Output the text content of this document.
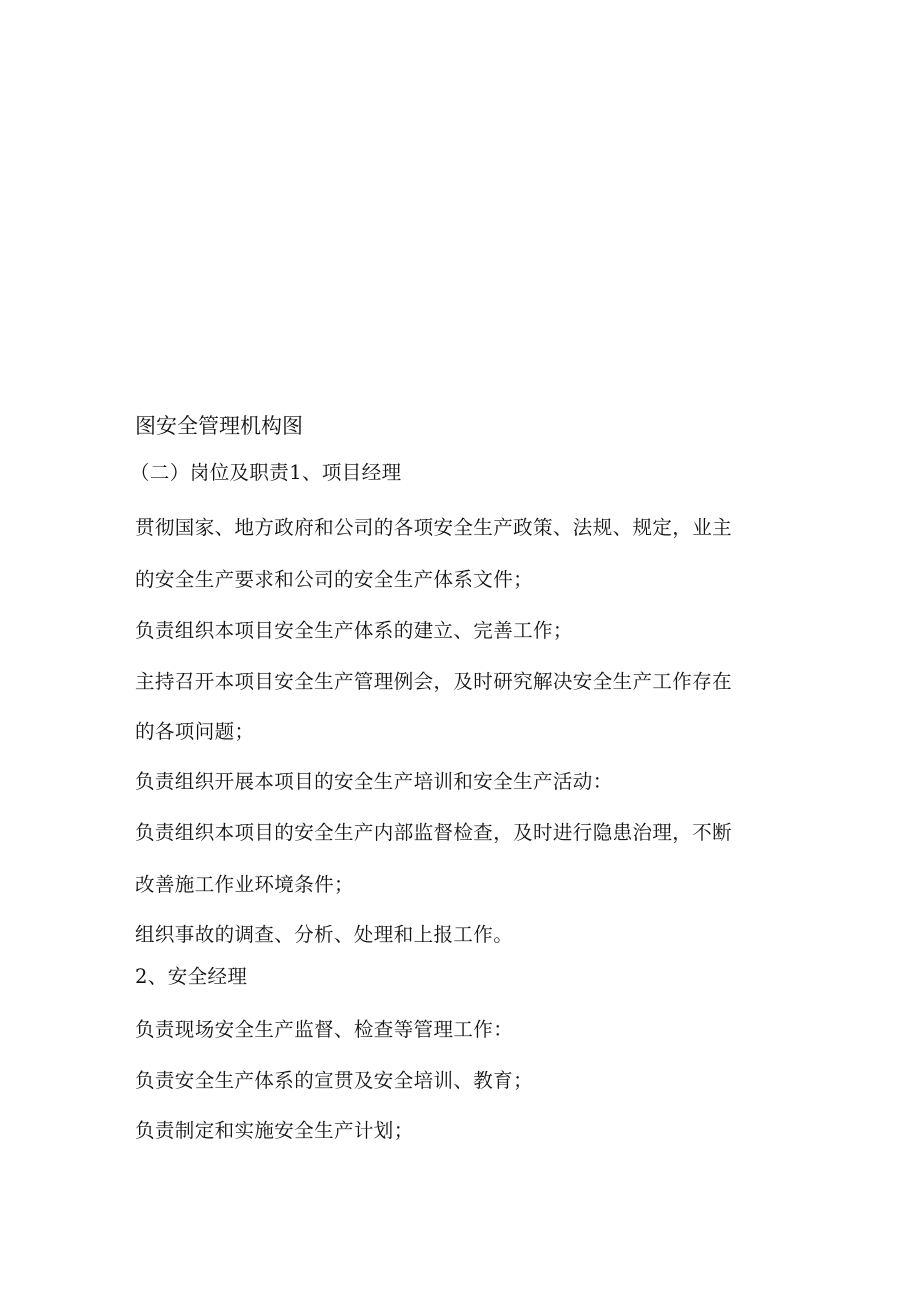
图安全管理机构图
（二）岗位及职责1、项目经理
贯彻国家、地方政府和公司的各项安全生产政策、法规、规定，业主
的安全生产要求和公司的安全生产体系文件；
负责组织本项目安全生产体系的建立、完善工作；
主持召开本项目安全生产管理例会，及时研究解决安全生产工作存在
的各项问题；
负责组织开展本项目的安全生产培训和安全生产活动：
负责组织本项目的安全生产内部监督检查，及时进行隐患治理，不断
改善施工作业环境条件；
组织事故的调查、分析、处理和上报工作。
2、安全经理
负责现场安全生产监督、检查等管理工作：
负责安全生产体系的宣贯及安全培训、教育；
负责制定和实施安全生产计划；
